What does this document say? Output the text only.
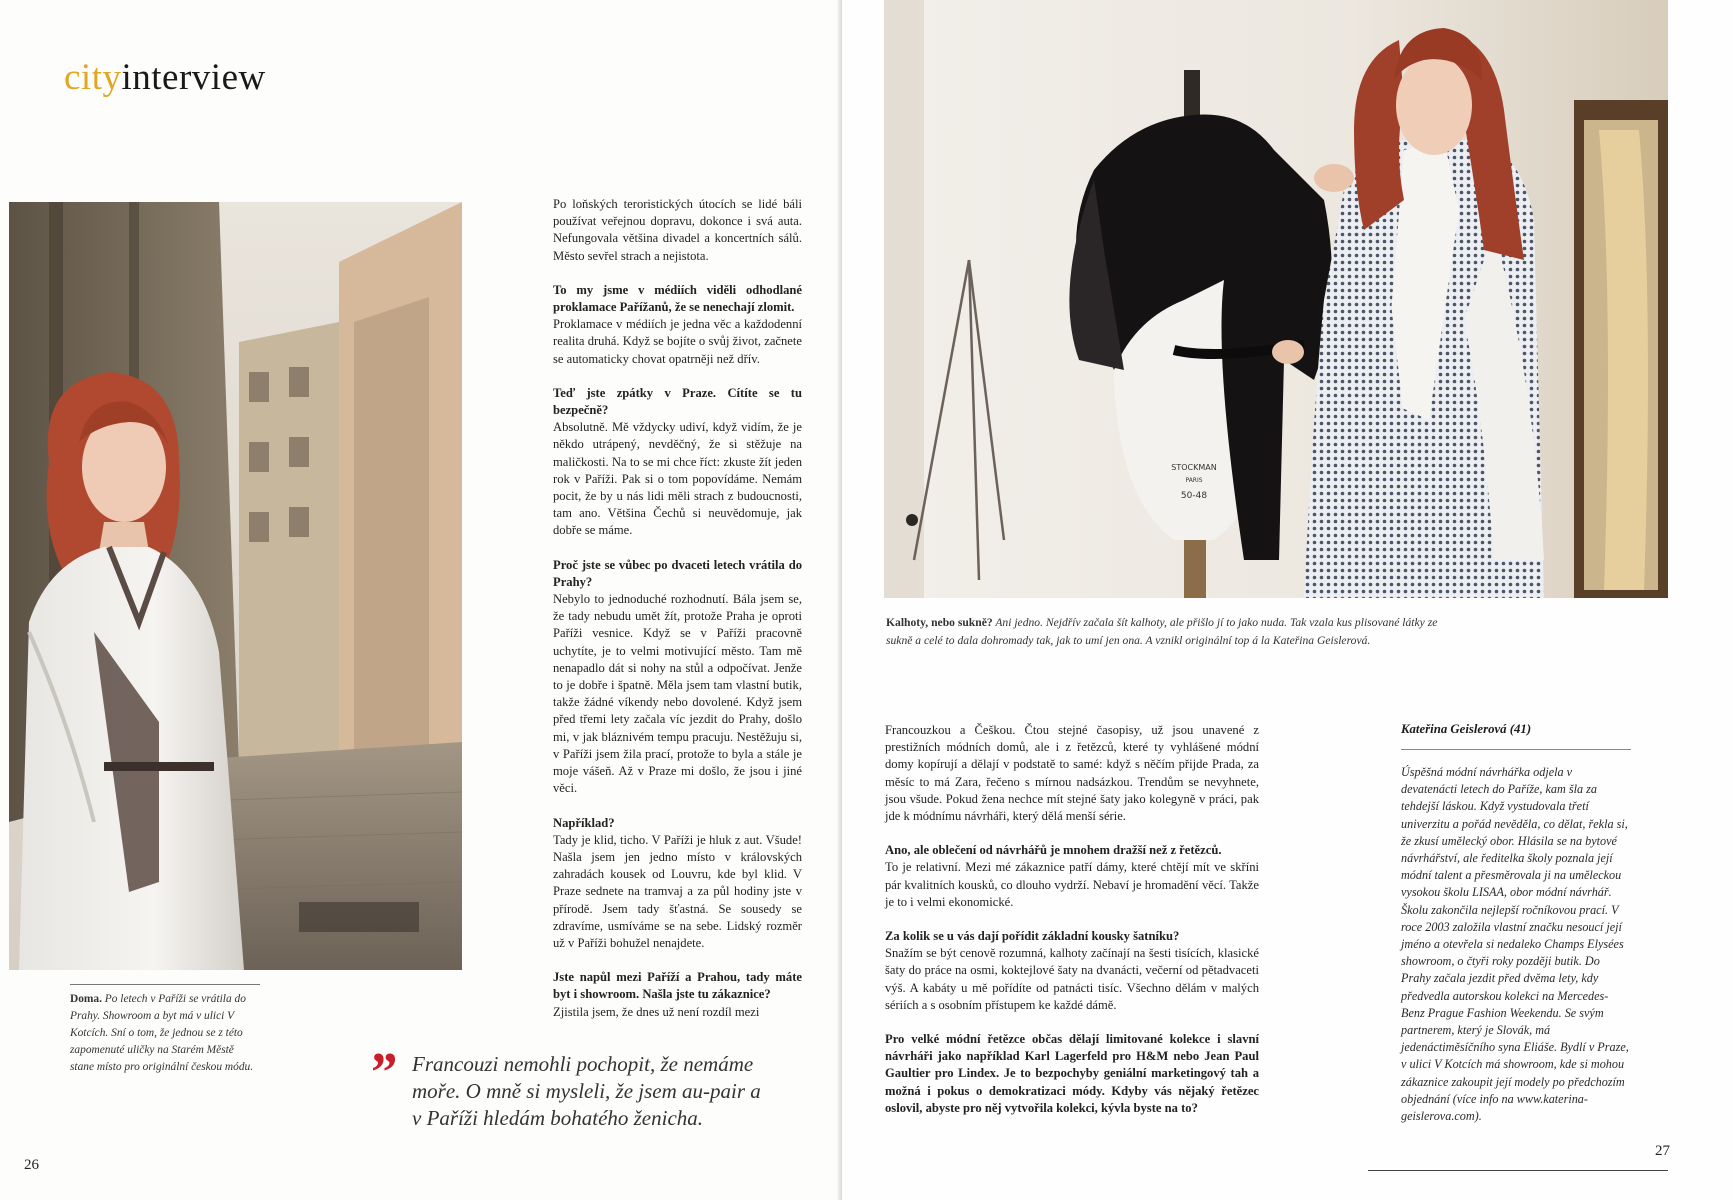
cityinterview
Doma. Po letech v Paříži se vrátila do Prahy. Showroom a byt má v ulici V Kotcích. Sní o tom, že jednou se z této zapomenuté uličky na Starém Městě stane místo pro originální českou módu.

Po loňských teroristických útocích se lidé báli používat veřejnou dopravu, dokonce i svá auta. Nefungovala většina divadel a koncertních sálů. Město sevřel strach a nejistota.

To my jsme v médiích viděli odhodlané proklamace Pařížanů, že se nenechají zlomit.
Proklamace v médiích je jedna věc a každodenní realita druhá. Když se bojíte o svůj život, začnete se automaticky chovat opatrněji než dřív.

Teď jste zpátky v Praze. Cítíte se tu bezpečně?
Absolutně. Mě vždycky udiví, když vidím, že je někdo utrápený, nevděčný, že si stěžuje na maličkosti. Na to se mi chce říct: zkuste žít jeden rok v Paříži. Pak si o tom popovídáme. Nemám pocit, že by u nás lidi měli strach z budoucnosti, tam ano. Většina Čechů si neuvědomuje, jak dobře se máme.

Proč jste se vůbec po dvaceti letech vrátila do Prahy?
Nebylo to jednoduché rozhodnutí. Bála jsem se, že tady nebudu umět žít, protože Praha je oproti Paříži vesnice. Když se v Paříži pracovně uchytíte, je to velmi motivující město. Tam mě nenapadlo dát si nohy na stůl a odpočívat. Jenže to je dobře i špatně. Měla jsem tam vlastní butik, takže žádné víkendy nebo dovolené. Když jsem před třemi lety začala víc jezdit do Prahy, došlo mi, v jak bláznivém tempu pracuju. Nestěžuju si, v Paříži jsem žila prací, protože to byla a stále je moje vášeň. Až v Praze mi došlo, že jsou i jiné věci.

Například?
Tady je klid, ticho. V Paříži je hluk z aut. Všude! Našla jsem jen jedno místo v královských zahradách kousek od Louvru, kde byl klid. V Praze sednete na tramvaj a za půl hodiny jste v přírodě. Jsem tady šťastná. Se sousedy se zdravíme, usmíváme se na sebe. Lidský rozměr už v Paříži bohužel nenajdete.

Jste napůl mezi Paříží a Prahou, tady máte byt i showroom. Našla jste tu zákaznice?
Zjistila jsem, že dnes už není rozdíl mezi

” Francouzi nemohli pochopit, že nemáme moře. O mně si mysleli, že jsem au-pair a v Paříži hledám bohatého ženicha.
26
STOCKMAN
PARIS
50-48
Kalhoty, nebo sukně? Ani jedno. Nejdřív začala šít kalhoty, ale přišlo jí to jako nuda. Tak vzala kus plisované látky ze sukně a celé to dala dohromady tak, jak to umí jen ona. A vznikl originální top á la Kateřina Geislerová.

Francouzkou a Češkou. Čtou stejné časopisy, už jsou unavené z prestižních módních domů, ale i z řetězců, které ty vyhlášené módní domy kopírují a dělají v podstatě to samé: když s něčím přijde Prada, za měsíc to má Zara, řečeno s mírnou nadsázkou. Trendům se nevyhnete, jsou všude. Pokud žena nechce mít stejné šaty jako kolegyně v práci, pak jde k módnímu návrháři, který dělá menší série.

Ano, ale oblečení od návrhářů je mnohem dražší než z řetězců.
To je relativní. Mezi mé zákaznice patří dámy, které chtějí mít ve skříni pár kvalitních kousků, co dlouho vydrží. Nebaví je hromadění věcí. Takže je to i velmi ekonomické.

Za kolik se u vás dají pořídit základní kousky šatníku?
Snažím se být cenově rozumná, kalhoty začínají na šesti tisících, klasické šaty do práce na osmi, koktejlové šaty na dvanácti, večerní od pětadvaceti výš. A kabáty u mě pořídíte od patnácti tisíc. Všechno dělám v malých sériích a s osobním přístupem ke každé dámě.

Pro velké módní řetězce občas dělají limitované kolekce i slavní návrháři jako například Karl Lagerfeld pro H&M nebo Jean Paul Gaultier pro Lindex. Je to bezpochyby geniální marketingový tah a možná i pokus o demokratizaci módy. Kdyby vás nějaký řetězec oslovil, abyste pro něj vytvořila kolekci, kývla byste na to?

Kateřina Geislerová (41)
Úspěšná módní návrhářka odjela v devatenácti letech do Paříže, kam šla za tehdejší láskou. Když vystudovala třetí univerzitu a pořád nevěděla, co dělat, řekla si, že zkusí umělecký obor. Hlásila se na bytové návrhářství, ale ředitelka školy poznala její módní talent a přesměrovala ji na uměleckou vysokou školu LISAA, obor módní návrhář. Školu zakončila nejlepší ročníkovou prací. V roce 2003 založila vlastní značku nesoucí její jméno a otevřela si nedaleko Champs Elysées showroom, o čtyři roky později butik. Do Prahy začala jezdit před dvěma lety, kdy předvedla autorskou kolekci na Mercedes-Benz Prague Fashion Weekendu. Se svým partnerem, který je Slovák, má jedenáctiměsíčního syna Eliáše. Bydlí v Praze, v ulici V Kotcích má showroom, kde si mohou zákaznice zakoupit její modely po předchozím objednání (více info na www.katerina-geislerova.com).
27
